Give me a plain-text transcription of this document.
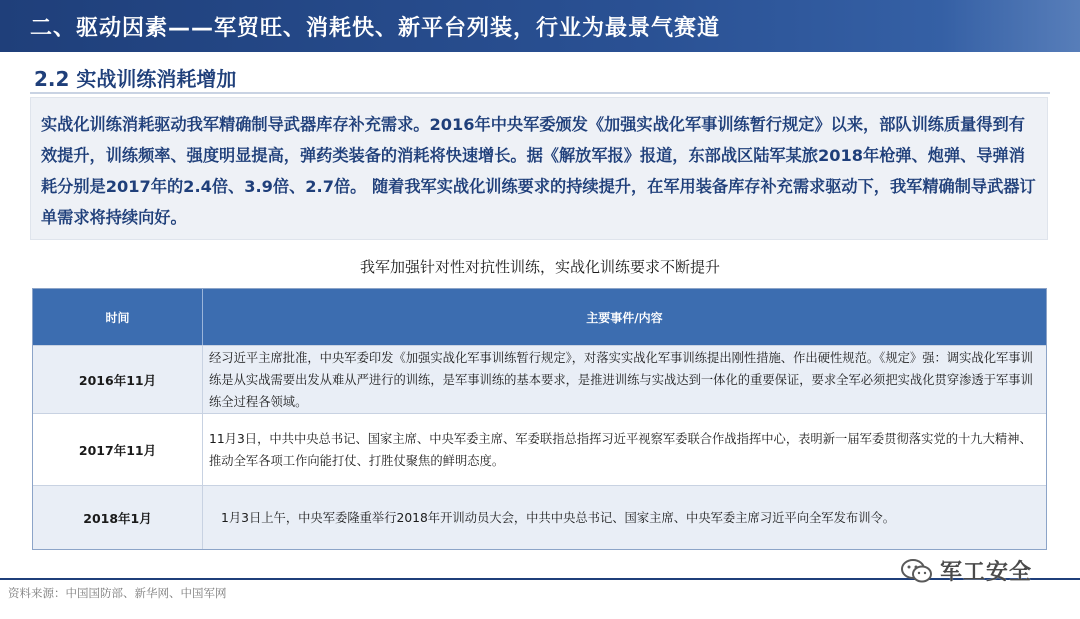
二、驱动因素——军贸旺、消耗快、新平台列装，行业为最景气赛道
2.2 实战训练消耗增加

实战化训练消耗驱动我军精确制导武器库存补充需求。2016年中央军委颁发《加强实战化军事训练暂行规定》以来，部队训练质量得到有效提升，训练频率、强度明显提高，弹药类装备的消耗将快速增长。据《解放军报》报道，东部战区陆军某旅2018年枪弹、炮弹、导弹消耗分别是2017年的2.4倍、3.9倍、2.7倍。 随着我军实战化训练要求的持续提升，在军用装备库存补充需求驱动下，我军精确制导武器订单需求将持续向好。

我军加强针对性对抗性训练，实战化训练要求不断提升
时间	主要事件/内容
2016年11月
经习近平主席批准，中央军委印发《加强实战化军事训练暂行规定》，对落实实战化军事训练提出刚性措施、作出硬性规范。《规定》强：调实战化军事训练是从实战需要出发从难从严进行的训练，是军事训练的基本要求，是推进训练与实战达到一体化的重要保证，要求全军必须把实战化贯穿渗透于军事训练全过程各领域。
2017年11月
11月3日，中共中央总书记、国家主席、中央军委主席、军委联指总指挥习近平视察军委联合作战指挥中心，表明新一届军委贯彻落实党的十九大精神、推动全军各项工作向能打仗、打胜仗聚焦的鲜明态度。
2018年1月	1月3日上午，中央军委隆重举行2018年开训动员大会，中共中央总书记、国家主席、中央军委主席习近平向全军发布训令。
资料来源：中国国防部、新华网、中国军网
军工安全
